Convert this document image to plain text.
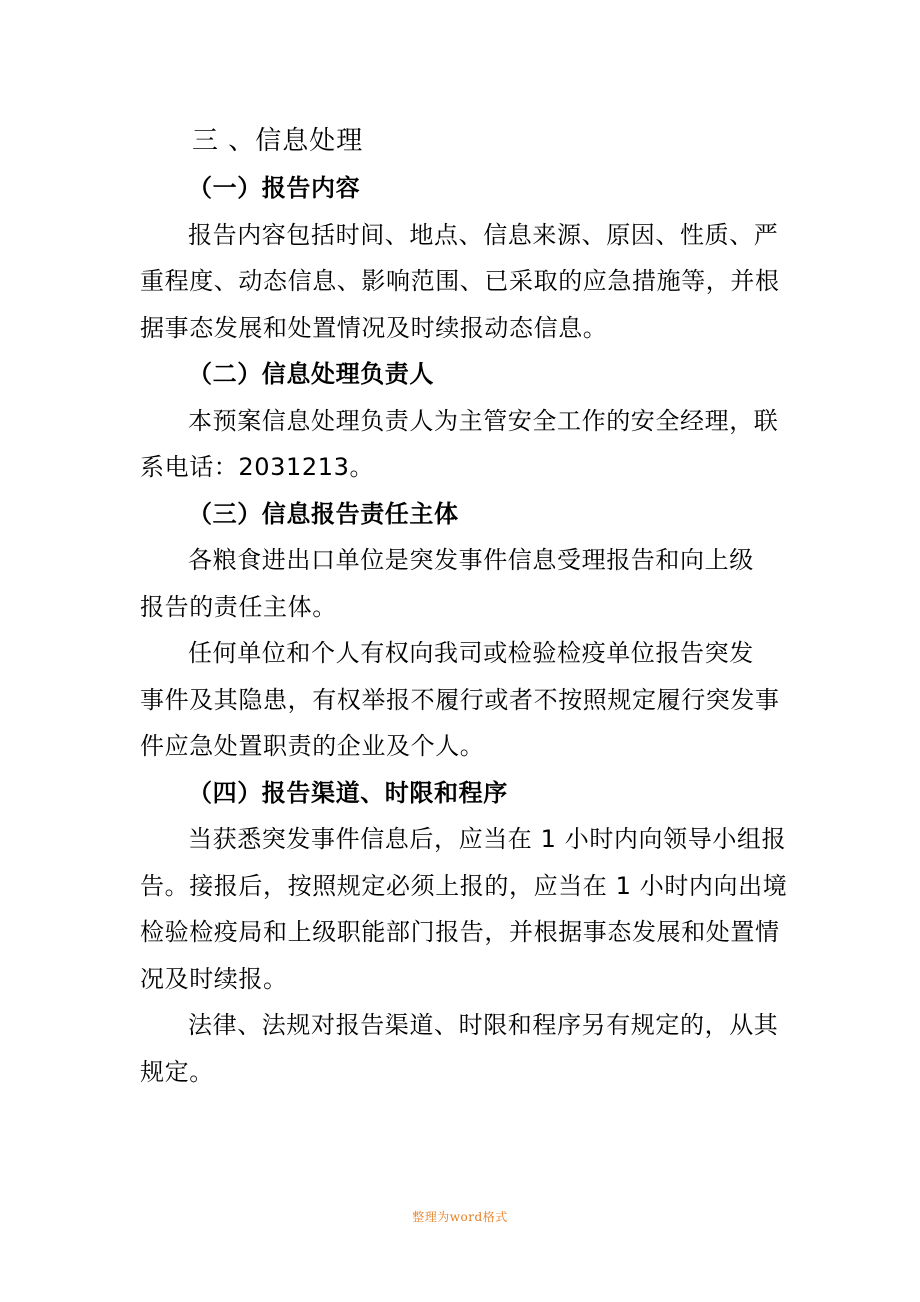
三 、信息处理
（一）报告内容
报告内容包括时间、地点、信息来源、原因、性质、严
重程度、动态信息、影响范围、已采取的应急措施等，并根
据事态发展和处置情况及时续报动态信息。
（二）信息处理负责人
本预案信息处理负责人为主管安全工作的安全经理，联
系电话：2031213。
（三）信息报告责任主体
各粮食进出口单位是突发事件信息受理报告和向上级
报告的责任主体。
任何单位和个人有权向我司或检验检疫单位报告突发
事件及其隐患，有权举报不履行或者不按照规定履行突发事
件应急处置职责的企业及个人。
（四）报告渠道、时限和程序
当获悉突发事件信息后，应当在 1 小时内向领导小组报
告。接报后，按照规定必须上报的，应当在 1 小时内向出境
检验检疫局和上级职能部门报告，并根据事态发展和处置情
况及时续报。
法律、法规对报告渠道、时限和程序另有规定的，从其
规定。
整理为word格式
